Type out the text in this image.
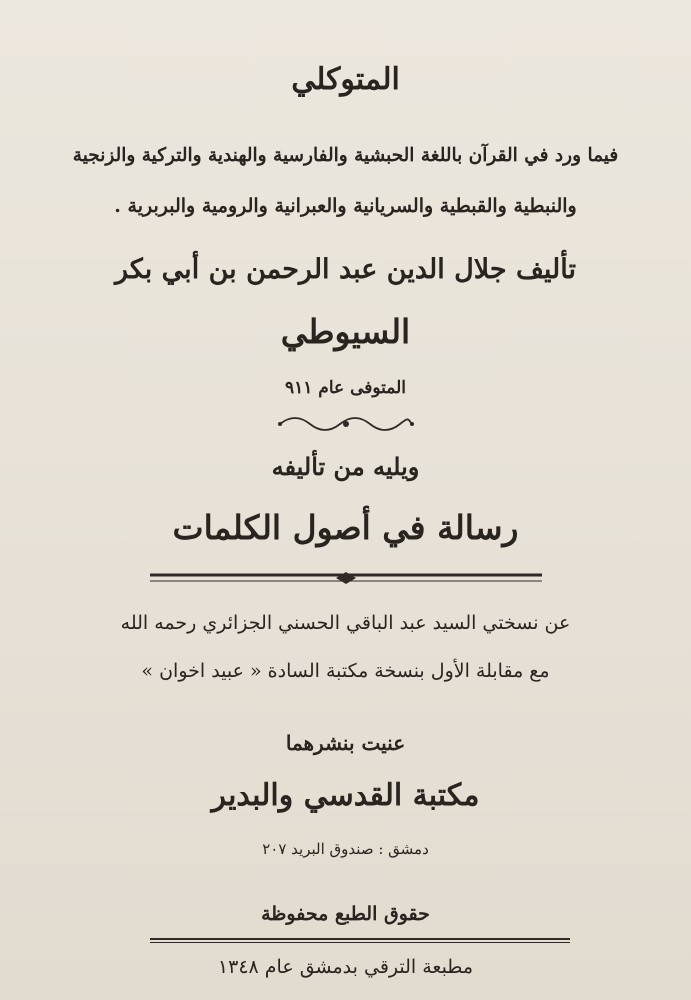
المتوكلي
فيما ورد في القرآن باللغة الحبشية والفارسية والهندية والتركية والزنجية
والنبطية والقبطية والسريانية والعبرانية والرومية والبربرية .
تأليف جلال الدين عبد الرحمن بن أبي بكر
السيوطي
المتوفى عام ٩١١
ويليه من تأليفه
رسالة في أصول الكلمات
عن نسختي السيد عبد الباقي الحسني الجزائري رحمه الله
مع مقابلة الأول بنسخة مكتبة السادة « عبيد اخوان »
عنيت بنشرهما
مكتبة القدسي والبدير
دمشق : صندوق البريد ٢٠٧
حقوق الطبع محفوظة
مطبعة الترقي بدمشق عام ١٣٤٨
